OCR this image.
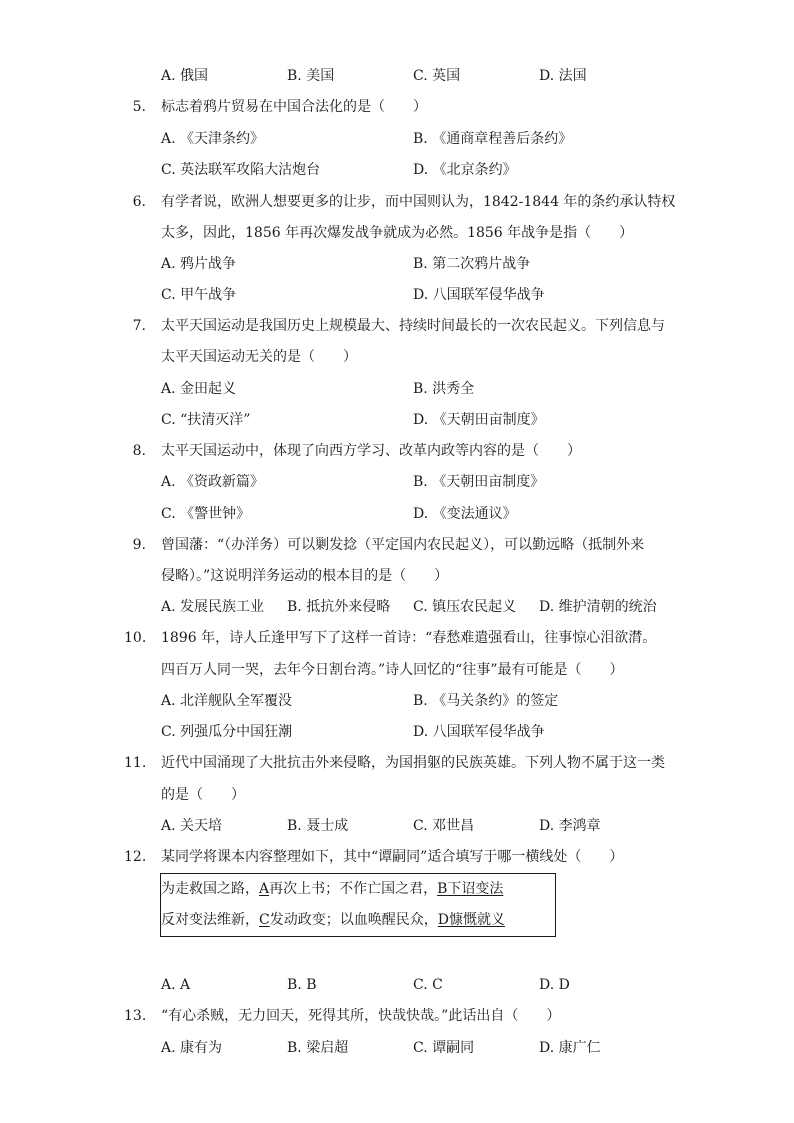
A. 俄国	B. 美国	C. 英国	D. 法国
5. 标志着鸦片贸易在中国合法化的是（　　）
A. 《天津条约》	B. 《通商章程善后条约》
C. 英法联军攻陷大沽炮台	D. 《北京条约》
6. 有学者说，欧洲人想要更多的让步，而中国则认为，1842-1844 年的条约承认特权
太多，因此，1856 年再次爆发战争就成为必然。1856 年战争是指（　　）
A. 鸦片战争	B. 第二次鸦片战争
C. 甲午战争	D. 八国联军侵华战争
7. 太平天国运动是我国历史上规模最大、持续时间最长的一次农民起义。下列信息与
太平天国运动无关的是（　　）
A. 金田起义	B. 洪秀全
C. “扶清灭洋”	D. 《天朝田亩制度》
8. 太平天国运动中，体现了向西方学习、改革内政等内容的是（　　）
A. 《资政新篇》	B. 《天朝田亩制度》
C. 《警世钟》	D. 《变法通议》
9. 曾国藩：“（办洋务）可以剿发捻（平定国内农民起义），可以勤远略（抵制外来
侵略）。”这说明洋务运动的根本目的是（　　）
A. 发展民族工业 B. 抵抗外来侵略 C. 镇压农民起义 D. 维护清朝的统治
10. 1896 年，诗人丘逢甲写下了这样一首诗：“春愁难遣强看山，往事惊心泪欲潸。
四百万人同一哭，去年今日割台湾。”诗人回忆的“往事”最有可能是（　　）
A. 北洋舰队全军覆没	B. 《马关条约》的签定
C. 列强瓜分中国狂潮	D. 八国联军侵华战争
11. 近代中国涌现了大批抗击外来侵略，为国捐躯的民族英雄。下列人物不属于这一类
的是（　　）
A. 关天培	B. 聂士成	C. 邓世昌	D. 李鸿章
12. 某同学将课本内容整理如下，其中“谭嗣同”适合填写于哪一横线处（　　）
为走救国之路，A再次上书；不作亡国之君，B下诏变法
反对变法维新，C发动政变；以血唤醒民众，D慷慨就义
A. A	B. B	C. C	D. D
13. “有心杀贼，无力回天，死得其所，快哉快哉。”此话出自（　　）
A. 康有为	B. 梁启超	C. 谭嗣同	D. 康广仁
